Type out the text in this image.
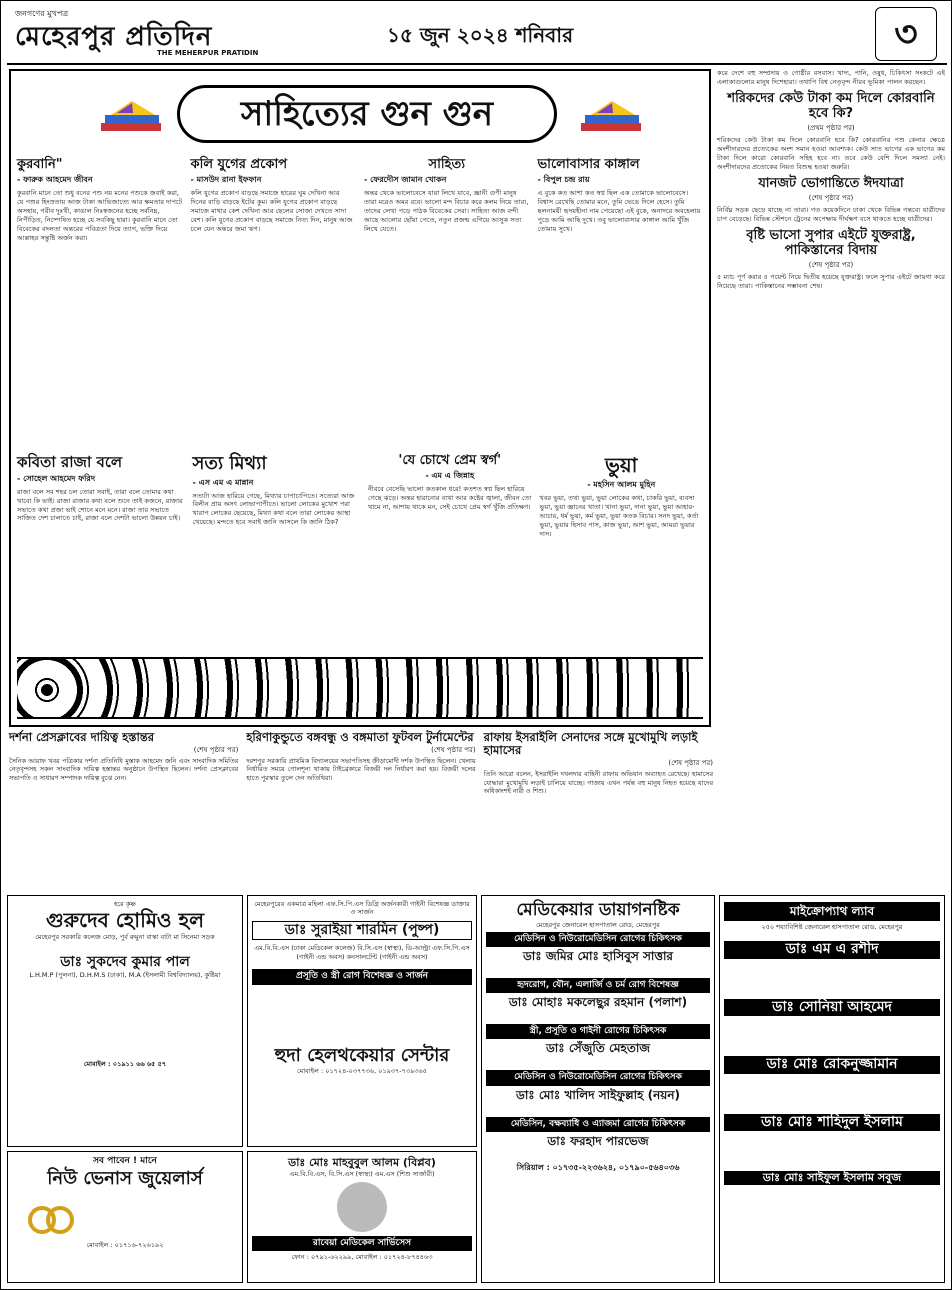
জনগণের মুখপত্র
মেহেরপুর প্রতিদিন
THE MEHERPUR PRATIDIN
১৫ জুন ২০২৪ শনিবার	৩
সাহিত্যের গুন গুন
কুরবানি"
- ফারুক আহমেদ জীবন

কুরবানি মানে তো শুধু বনের পশু নয় মনের পশুকে জবাই করা, যে পশুর হিংস্রতায় আজ টাকা আভিজাত্যে আর ক্ষমতার দাপটে অসহায়, গরীব দুঃখী, কাঙাল নিঃস্বজনের হচ্ছে সর্বনিম্ন, নিপীড়িত, নিষ্পেষিত হচ্ছে যে সবকিছু হারা। কুরবানি মানে তো বিবেকের বদলতা অন্তরের পবিত্রতা দিয়ে ত্যাগ, ভক্তি দিয়ে আল্লাহর সন্তুষ্টি অর্জন করা।

কলি যুগের প্রকোপ
- মাসউদ রানা ইফফান

কলি যুগের প্রকোপ বাড়ছে সমাজে হারের ঘুম দেখিনা আর দিনের বাড়ি বাড়ছে ইটের কুম। কলি যুগের প্রকোপ বাড়ছে সমাজে মাথার কেশ দেখিনা আর ছেলের সোজা দেখতে সাদা বেশ। কলি যুগের প্রকোপ বাড়ছে সমাজে নিত্য দিন, মানুষ আজ চলে যেন অন্তরে জমা ঋণ।

সাহিত্য
- ফেরদৌস জামান খোকন

অন্তর থেকে ভালোবেসে যারা লিখে যাবে, জ্ঞানী গুণী মানুষ তারা মরেও অমর রবে। ভালো মন্দ বিচার করে কলম নিয়ে তারা, তাদের লেখা পড়ে পাঠক বিবেকের সেরা। সাহিত্য আজ বন্দী আছে আলোর ছোঁয়া পেতে, নতুন প্রজন্ম এগিয়ে আসুক সত্য লিখে যেতে।

ভালোবাসার কাঙ্গাল
- বিপুল চন্দ্র রায়

এ বুকে কত আশা কত স্বপ্ন ছিল এক তোমাকে ভালোবেসে। বিশ্বাস রেখেছি তোমার মনে, তুমি ভেঙে দিলে হেসে। তুমি ছলনাময়ী হৃদয়হীনা নাম পেয়েছো এই বুকে, অনাদরে অবহেলায় পুড়ে আমি আছি দুখে। তবু ভালোবাসার কাঙ্গাল আমি খুঁজি তোমায় সুখে।

কবিতা রাজা বলে
- সোহেল আহমেদ ফরিদ

রাজা বলে সব শহর চল তোরা সবাই, তারা বলে তোমার কথা খাবো কি ভাই। রাজা রাজার কথা বলে শুনে তাই কজনে, রাজার সভাতে কথা প্রজা ভাই শোনে মনে মনে। রাজা তার সভাতে সাজিত দেশ চালাতে চাই, রাজা বলে দেশটা ভালো উন্নয়ন চাই।

সত্য মিথ্যা
- এস এম এ মান্নান

সত্যটা আজ হারিয়ে গেছে, মিথ্যার চাপাচাপিতে। সত্যেরা আজ বিলীন প্রায় অসৎ লোভাপাপীতে। ভালো লোকের মুখোশ পরা খারাপ লোকের ছেয়েছে, মিথ্যা কথা বলে তারা লোকের আস্থা খেয়েছে। মন্দতে হবে সবাই জানি আসলে কি জানি ঠিক?

'যে চোখে প্রেম স্বর্গ'
- এম এ জিন্নাহ

নীরবে বেসেছি ভালো কতকাল ধরে! কতশত স্বপ্ন ছিল হারিয়ে গেছে ঝড়ে। অন্তর হারানোর ব্যথা আর কষ্টের জ্বালা, জীবন তো থামে না, আশায় থাকে মন, সেই চোখে প্রেম স্বর্গ খুঁজি প্রতিক্ষণ।

ভুয়া
- মহসিন আলম মুহিন

খবর ভুয়া, তথ্য ভুয়া, ভুয়া লোকের কথা, চাকরি ভুয়া, ব্যবসা ভুয়া, ভুয়া জ্ঞানের খাতা। খানা ভুয়া, দানা ভুয়া, ভুয়া আহার-আচার, ধর্ম ভুয়া, কর্ম ভুয়া, ভুয়া কতক বিচার। সনদ ভুয়া, কর্তা ভুয়া, ভুয়ার হিসাব পাস, কাজ ভুয়া, আশ ভুয়া, আমরা ভুয়ার দাস।

করে দেশে বহু সম্প্রদায় ও গোষ্ঠীর বসবাস। খাদ্য, পানি, ওষুধ, চিকিৎসা সংকটে এই এলাকাগুলোর মানুষ দিশেহারা। তথাপি বিশ্ব নেতৃবৃন্দ নীরব ভূমিকা পালন করছেন।

শরিকদের কেউ টাকা কম দিলে কোরবানি হবে কি?
(প্রথম পৃষ্ঠার পর)

শরিকদের কেউ টাকা কম দিলে কোরবানি হবে কি? কোরবানির পশু কেনার ক্ষেত্রে অংশীদারদের প্রত্যেকের অংশ সমান হওয়া আবশ্যক। কেউ সাত ভাগের এক ভাগের কম টাকা দিলে কারো কোরবানি সহিহ হবে না। তবে কেউ বেশি দিলে সমস্যা নেই। অংশীদারদের প্রত্যেকের নিয়ত বিশুদ্ধ হওয়া জরুরি।

যানজট ভোগান্তিতে ঈদযাত্রা
(শেষ পৃষ্ঠার পর)

নির্বিঘ্ন সড়ক ছেড়ে যাচ্ছে না তারা। গত কয়েকদিনে ঢাকা থেকে বিভিন্ন গন্তব্যে যাত্রীদের চাপ বেড়েছে। বিভিন্ন স্টেশনে ট্রেনের অপেক্ষায় দীর্ঘক্ষণ বসে থাকতে হচ্ছে যাত্রীদের।

বৃষ্টি ভাসো সুপার এইটে যুক্তরাষ্ট্র, পাকিস্তানের বিদায়
(শেষ পৃষ্ঠার পর)

৫ ম্যাচ পূর্ণ করার ৫ পয়েন্ট নিয়ে দ্বিতীয় হয়েছে যুক্তরাষ্ট্র। ফলে সুপার এইটে জায়গা করে নিয়েছে তারা। পাকিস্তানের সম্ভাবনা শেষ।

দর্শনা প্রেসক্লাবের দায়িত্ব হস্তান্তর
(শেষ পৃষ্ঠার পর)

সৈনিক আরাফ খবর পত্রিকার দর্শনা প্রতিনিধি মুস্তাক আহমেদ জনি এবং সাংবাদিক সমিতির নেতৃবৃন্দসহ সকল সাংবাদিক দায়িত্ব হস্তান্তর অনুষ্ঠানে উপস্থিত ছিলেন। দর্শনা প্রেসক্লাবের সভাপতি ও সাধারণ সম্পাদক দায়িত্ব বুঝে নেন।

হরিণাকুন্ডুতে বঙ্গবন্ধু ও বঙ্গমাতা ফুটবল টুর্নামেন্টের
(শেষ পৃষ্ঠার পর)

দরশপুর সরকারি প্রাথমিক বিদ্যালয়ের সভাপতিসহ ক্রীড়ামোদী দর্শক উপস্থিত ছিলেন। খেলায় নির্ধারিত সময়ে গোলশূন্য থাকায় টাইব্রেকারে বিজয়ী দল নির্ধারণ করা হয়। বিজয়ী দলের হাতে পুরস্কার তুলে দেন অতিথিরা।

রাফায় ইসরাইলি সেনাদের সঙ্গে মুখোমুখি লড়াই হামাসের
(শেষ পৃষ্ঠার পর)

তিনি আরো বলেন, ইসরাইলি দখলদার বাহিনী রাফায় অভিযান অব্যাহত রেখেছে। হামাসের যোদ্ধারা মুখোমুখি লড়াই চালিয়ে যাচ্ছে। গাজায় এখন পর্যন্ত বহু মানুষ নিহত হয়েছে যাদের অধিকাংশই নারী ও শিশু।

হরে কৃষ্ণ
গুরুদেব হোমিও হল
মেহেরপুর সরকারি কলেজ মোড়, পুর্ব রুমুনা বাস্কা বাটা মা সিনেমা সড়ক
ডাঃ সুকদেব কুমার পাল
L.H.M.P (পুলনা), D.H.M.S (ঢাকা), M.A (ইসলামী বিশ্ববিদ্যালয়), কুষ্টিয়া
মোবাইল : ০১৯১১ ৬৬ ৬৫ ৫৭
সব পাবেন ! মানে
নিউ ভেনাস জুয়েলার্স
মোবাইল : ০১৭১৬-৭২৬১৯২
মেহেরপুরের একমাত্র মহিলা এফ.সি.পি.এস ডিগ্রি অর্জনকারী গাইনী বিশেষজ্ঞ ডাক্তার ও সার্জন
ডাঃ সুরাইয়া শারমিন (পুষ্প)
এম.বি.বি.এস (ঢাকা মেডিকেল কলেজ) বি.সি.এস (স্বাস্থ্য), ডি-আল্ট্রা এফ.সি.পি.এস (গাইনী এন্ড অবস) কনসালটেন্ট (গাইনী এন্ড অবস)
প্রসূতি ও স্ত্রী রোগ বিশেষজ্ঞ ও সার্জন
হুদা হেলথকেয়ার সেন্টার
মোবাইল : ০১৭২৪-০৩৭৭৩৬, ০১৯৩৭-৭৩৯৩৬৫
ডাঃ মোঃ মাহবুবুল আলম (বিপ্লব)
এম.বি.বি.এস, বি.সি.এস (স্বাস্থ্য) এম.এস (শিশু সার্জারী)
রাবেয়া মেডিকেল সার্ভিসেস
ফোন : ০৭৯১-৬২২৯৯, মোবাইল : ০১৭২৪-৮৭৪৪৬৩
মেডিকেয়ার ডায়াগনষ্টিক
মেহেরপুর জেনারেল হাসপাতাল রোড, মেহেরপুর
মেডিসিন ও নিউরোমেডিসিন রোগের চিকিৎসক
ডাঃ জমির মোঃ হাসিবুস সাত্তার
হৃদরোগ, যৌন, এলার্জি ও চর্ম রোগ বিশেষজ্ঞ
ডাঃ মোহাঃ মকলেছুর রহমান (পলাশ)
স্ত্রী, প্রসূতি ও গাইনী রোগের চিকিৎসক
ডাঃ সেঁজুতি মেহতাজ
মেডিসিন ও নিউরোমেডিসিন রোগের চিকিৎসক
ডাঃ মোঃ খালিদ সাইফুল্লাহ (নয়ন)
মেডিসিন, বক্ষব্যাধি ও এ্যাজমা রোগের চিকিৎসক
ডাঃ ফরহাদ পারভেজ
সিরিয়াল : ০১৭৩৫-২২৩৬২৪, ০১৭৯০-৫৬৪০৩৬
মাইক্রোপ্যাথ ল্যাব
২৫০ শয্যাবিশিষ্ট জেনারেল হাসপাতাল রোড, মেহেরপুর
ডাঃ এম এ রশীদ
ডাঃ সোনিয়া আহমেদ
ডাঃ মোঃ রোকনুজ্জামান
ডাঃ মোঃ শাহিদুল ইসলাম
ডাঃ মোঃ সাইফুল ইসলাম সবুজ
